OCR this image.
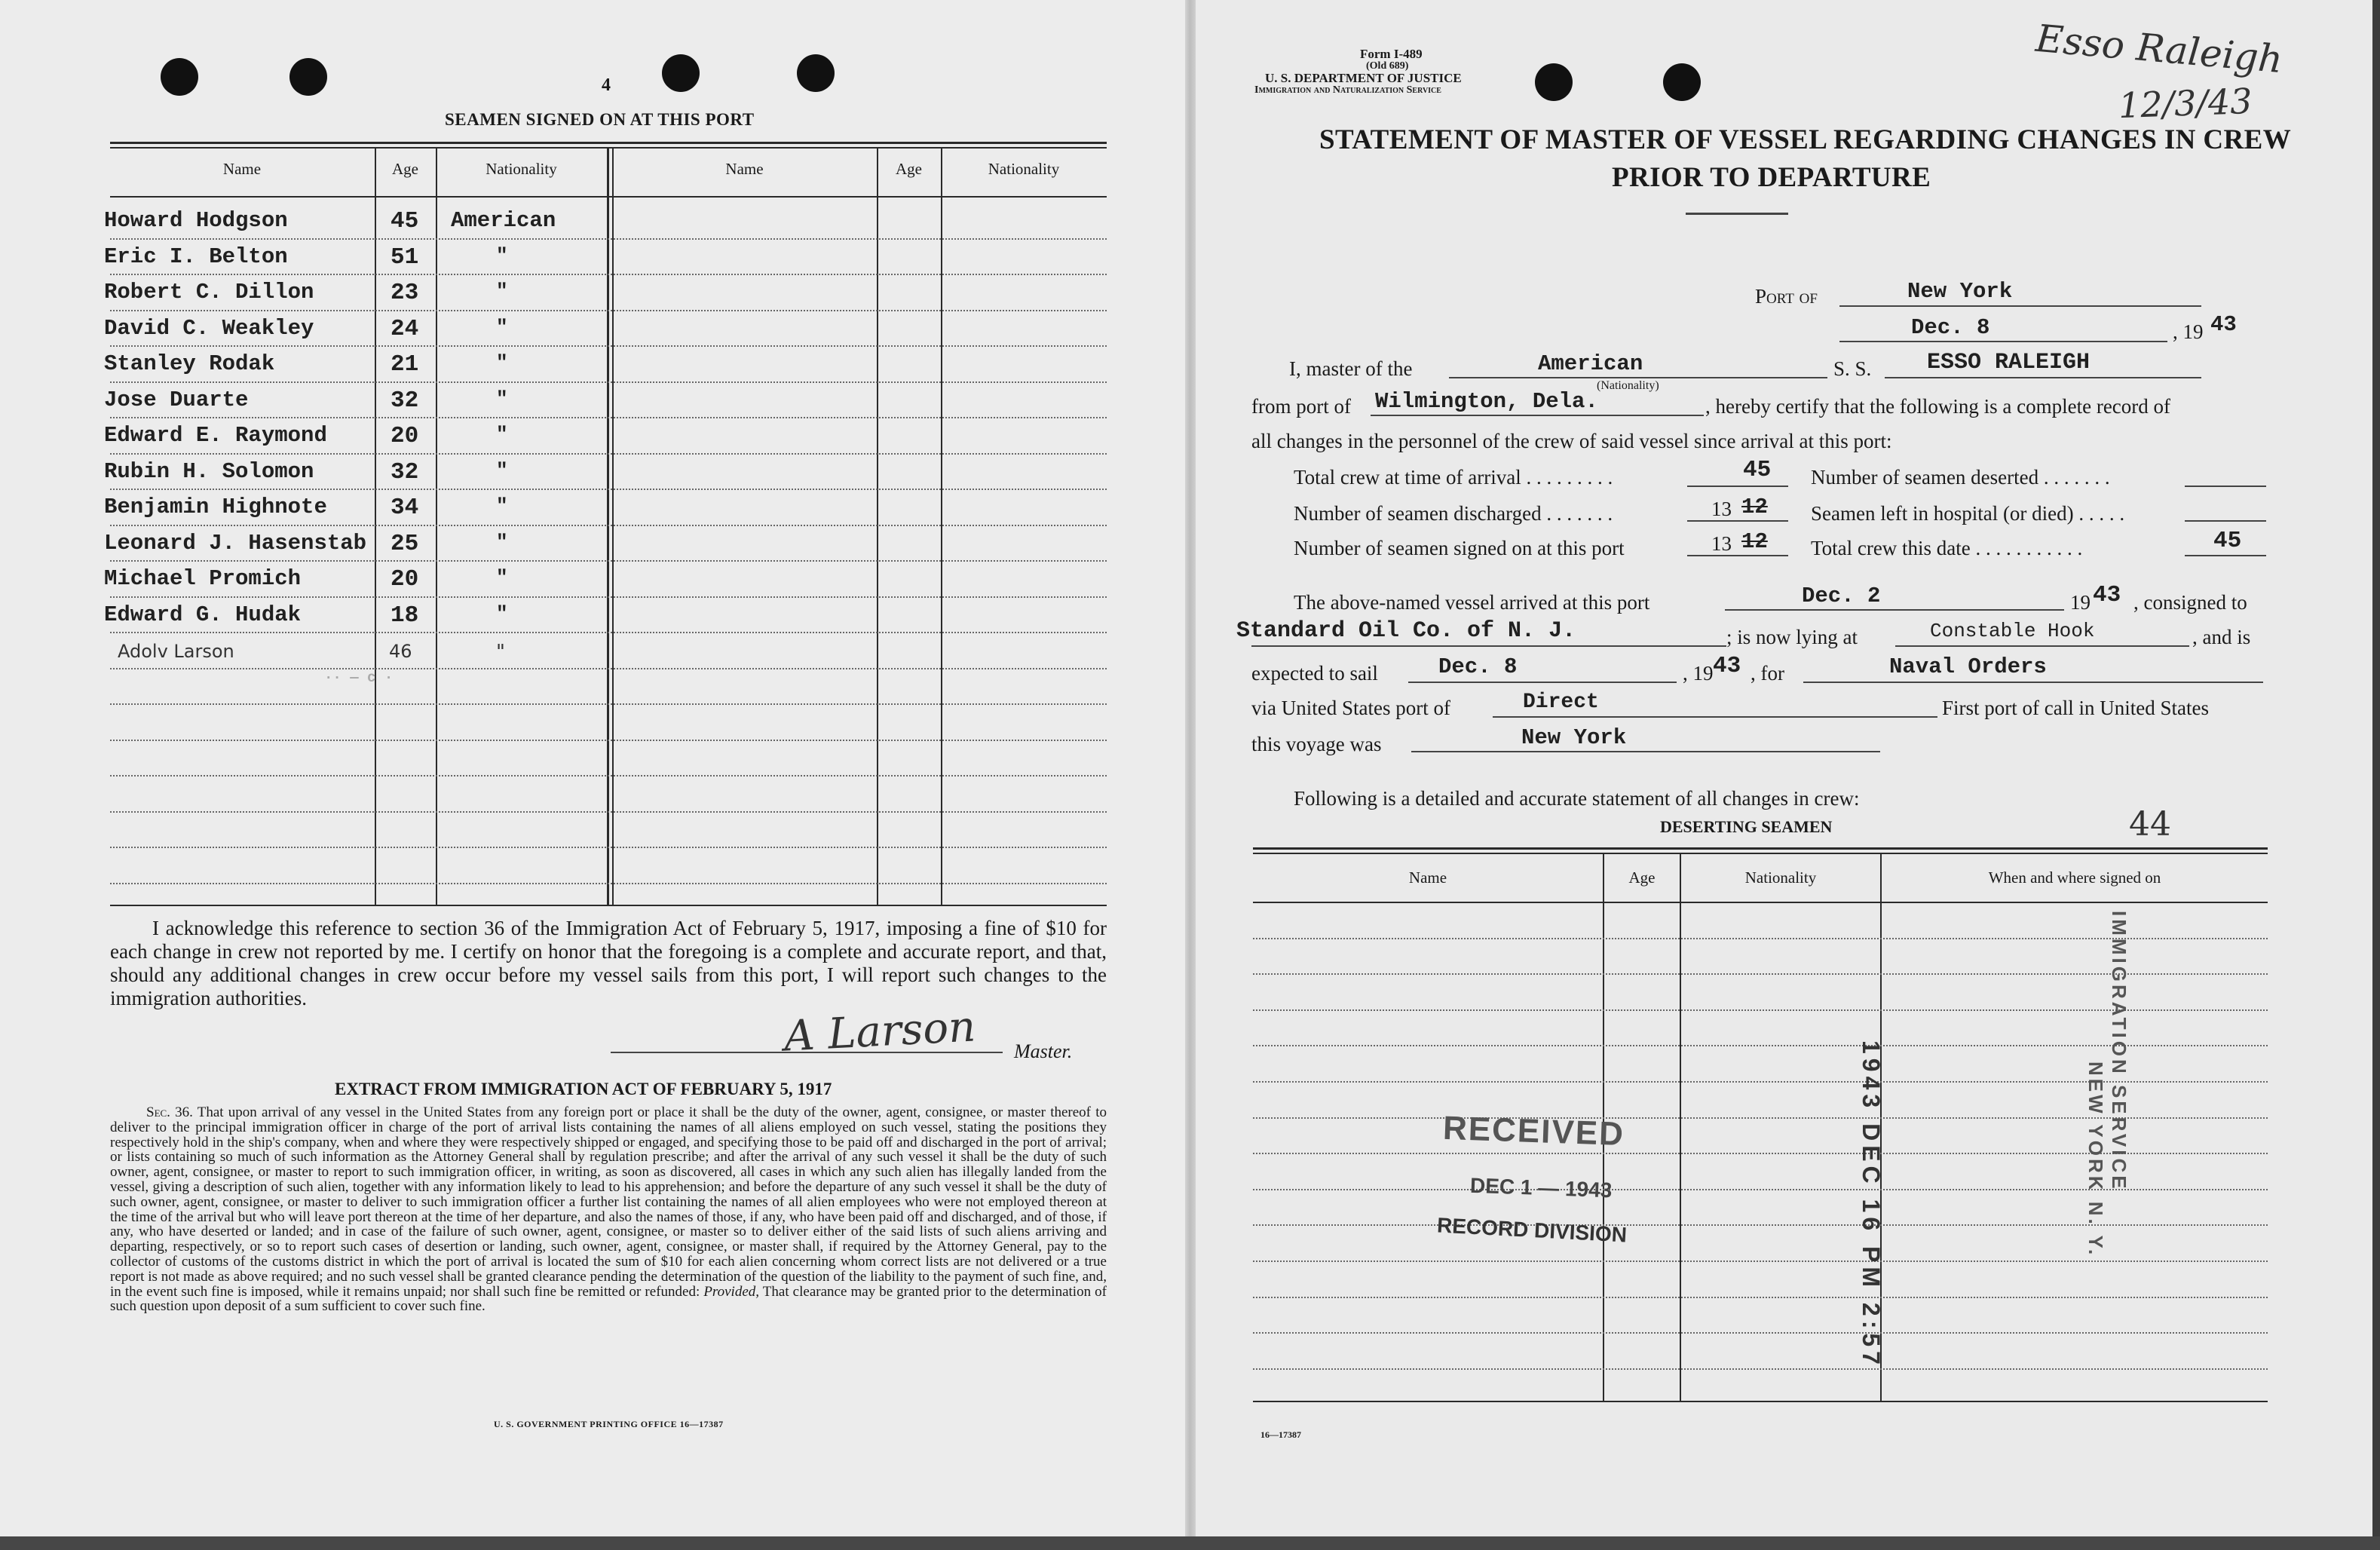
4
SEAMEN SIGNED ON AT THIS PORT
Name	Age	Nationality	Name	Age	Nationality
Howard Hodgson	45 American
Eric I. Belton	51	"
Robert C. Dillon	23	"
David C. Weakley	24	"
Stanley Rodak	21	"
Jose Duarte	32	"
Edward E. Raymond	20	"
Rubin H. Solomon	32	"
Benjamin Highnote	34	"
Leonard J. Hasenstab 25	"
Michael Promich	20	"
Edward G. Hudak	18	"
Adolv Larson	46	"
·· — c ·
I acknowledge this reference to section 36 of the Immigration Act of February 5, 1917, imposing a fine of $10 for each change in crew not reported by me. I certify on honor that the foregoing is a complete and accurate report, and that, should any additional changes in crew occur before my vessel sails from this port, I will report such changes to the immigration authorities.
A Larson Master.
EXTRACT FROM IMMIGRATION ACT OF FEBRUARY 5, 1917
Sec. 36. That upon arrival of any vessel in the United States from any foreign port or place it shall be the duty of the owner, agent, consignee, or master thereof to deliver to the principal immigration officer in charge of the port of arrival lists containing the names of all aliens employed on such vessel, stating the positions they respectively hold in the ship's company, when and where they were respectively shipped or engaged, and specifying those to be paid off and discharged in the port of arrival; or lists containing so much of such information as the Attorney General shall by regulation prescribe; and after the arrival of any such vessel it shall be the duty of such owner, agent, consignee, or master to report to such immigration officer, in writing, as soon as discovered, all cases in which any such alien has illegally landed from the vessel, giving a description of such alien, together with any information likely to lead to his apprehension; and before the departure of any such vessel it shall be the duty of such owner, agent, consignee, or master to deliver to such immigration officer a further list containing the names of all alien employees who were not employed thereon at the time of the arrival but who will leave port thereon at the time of her departure, and also the names of those, if any, who have been paid off and discharged, and of those, if any, who have deserted or landed; and in case of the failure of such owner, agent, consignee, or master so to deliver either of the said lists of such aliens arriving and departing, respectively, or so to report such cases of desertion or landing, such owner, agent, consignee, or master shall, if required by the Attorney General, pay to the collector of customs of the customs district in which the port of arrival is located the sum of $10 for each alien concerning whom correct lists are not delivered or a true report is not made as above required; and no such vessel shall be granted clearance pending the determination of the question of the liability to the payment of such fine, and, in the event such fine is imposed, while it remains unpaid; nor shall such fine be remitted or refunded: Provided, That clearance may be granted prior to the determination of such question upon deposit of a sum sufficient to cover such fine.
U. S. GOVERNMENT PRINTING OFFICE 16—17387
Form I-489
(Old 689)
U. S. DEPARTMENT OF JUSTICE
Immigration and Naturalization Service
Esso Raleigh
12/3/43
STATEMENT OF MASTER OF VESSEL REGARDING CHANGES IN CREW
PRIOR TO DEPARTURE
Port of	New York
Dec. 8	, 19 43
I, master of the	American
(Nationality)
S. S. ESSO RALEIGH
from port of Wilmington, Dela.	, hereby certify that the following is a complete record of
all changes in the personnel of the crew of said vessel since arrival at this port:
Total crew at time of arrival . . . . . . . . .	45 Number of seamen deserted . . . . . . .
Number of seamen discharged . . . . . . .	13 12 Seamen left in hospital (or died) . . . . .
Number of seamen signed on at this port	13 12 Total crew this date . . . . . . . . . . .	45
The above-named vessel arrived at this port	Dec. 2	19 43 , consigned to
Standard Oil Co. of N. J.	; is now lying at	Constable Hook	, and is
expected to sail	Dec. 8	, 19 43 , for	Naval Orders
via United States port of	Direct	First port of call in United States
this voyage was	New York
Following is a detailed and accurate statement of all changes in crew:
DESERTING SEAMEN	44
Name	Age	Nationality	When and where signed on
RECEIVED
DEC 1 — 1943
RECORD DIVISION
IMMIGRATION SERVICE
NEW YORK N. Y.
16—17387
